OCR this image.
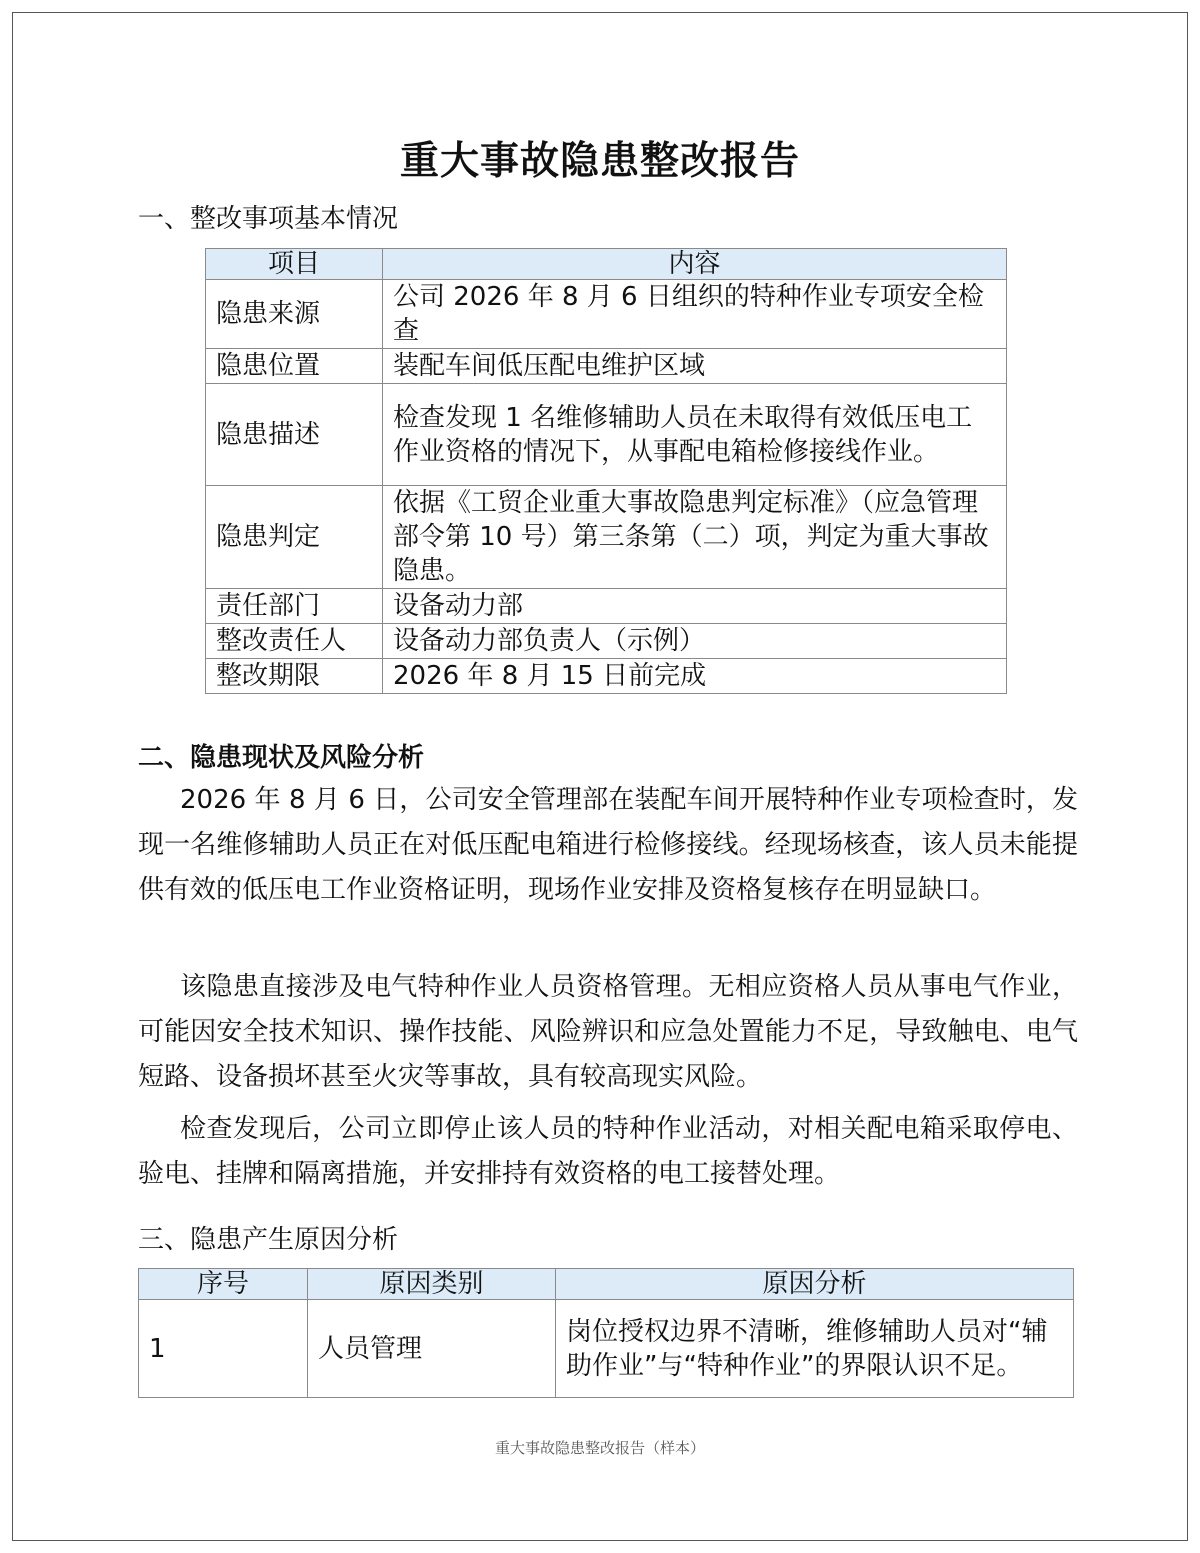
重大事故隐患整改报告
一、整改事项基本情况
项目	内容
隐患来源	公司 2026 年 8 月 6 日组织的特种作业专项安全检查
隐患位置	装配车间低压配电维护区域
隐患描述	检查发现 1 名维修辅助人员在未取得有效低压电工作业资格的情况下，从事配电箱检修接线作业。
隐患判定	依据《工贸企业重大事故隐患判定标准》（应急管理部令第 10 号）第三条第（二）项，判定为重大事故隐患。
责任部门	设备动力部
整改责任人	设备动力部负责人（示例）
整改期限	2026 年 8 月 15 日前完成
二、隐患现状及风险分析
2026 年 8 月 6 日，公司安全管理部在装配车间开展特种作业专项检查时，发现一名维修辅助人员正在对低压配电箱进行检修接线。经现场核查，该人员未能提供有效的低压电工作业资格证明，现场作业安排及资格复核存在明显缺口。
该隐患直接涉及电气特种作业人员资格管理。无相应资格人员从事电气作业，可能因安全技术知识、操作技能、风险辨识和应急处置能力不足，导致触电、电气短路、设备损坏甚至火灾等事故，具有较高现实风险。
检查发现后，公司立即停止该人员的特种作业活动，对相关配电箱采取停电、验电、挂牌和隔离措施，并安排持有效资格的电工接替处理。
三、隐患产生原因分析
序号	原因类别	原因分析
1	人员管理	岗位授权边界不清晰，维修辅助人员对“辅助作业”与“特种作业”的界限认识不足。
重大事故隐患整改报告（样本）
